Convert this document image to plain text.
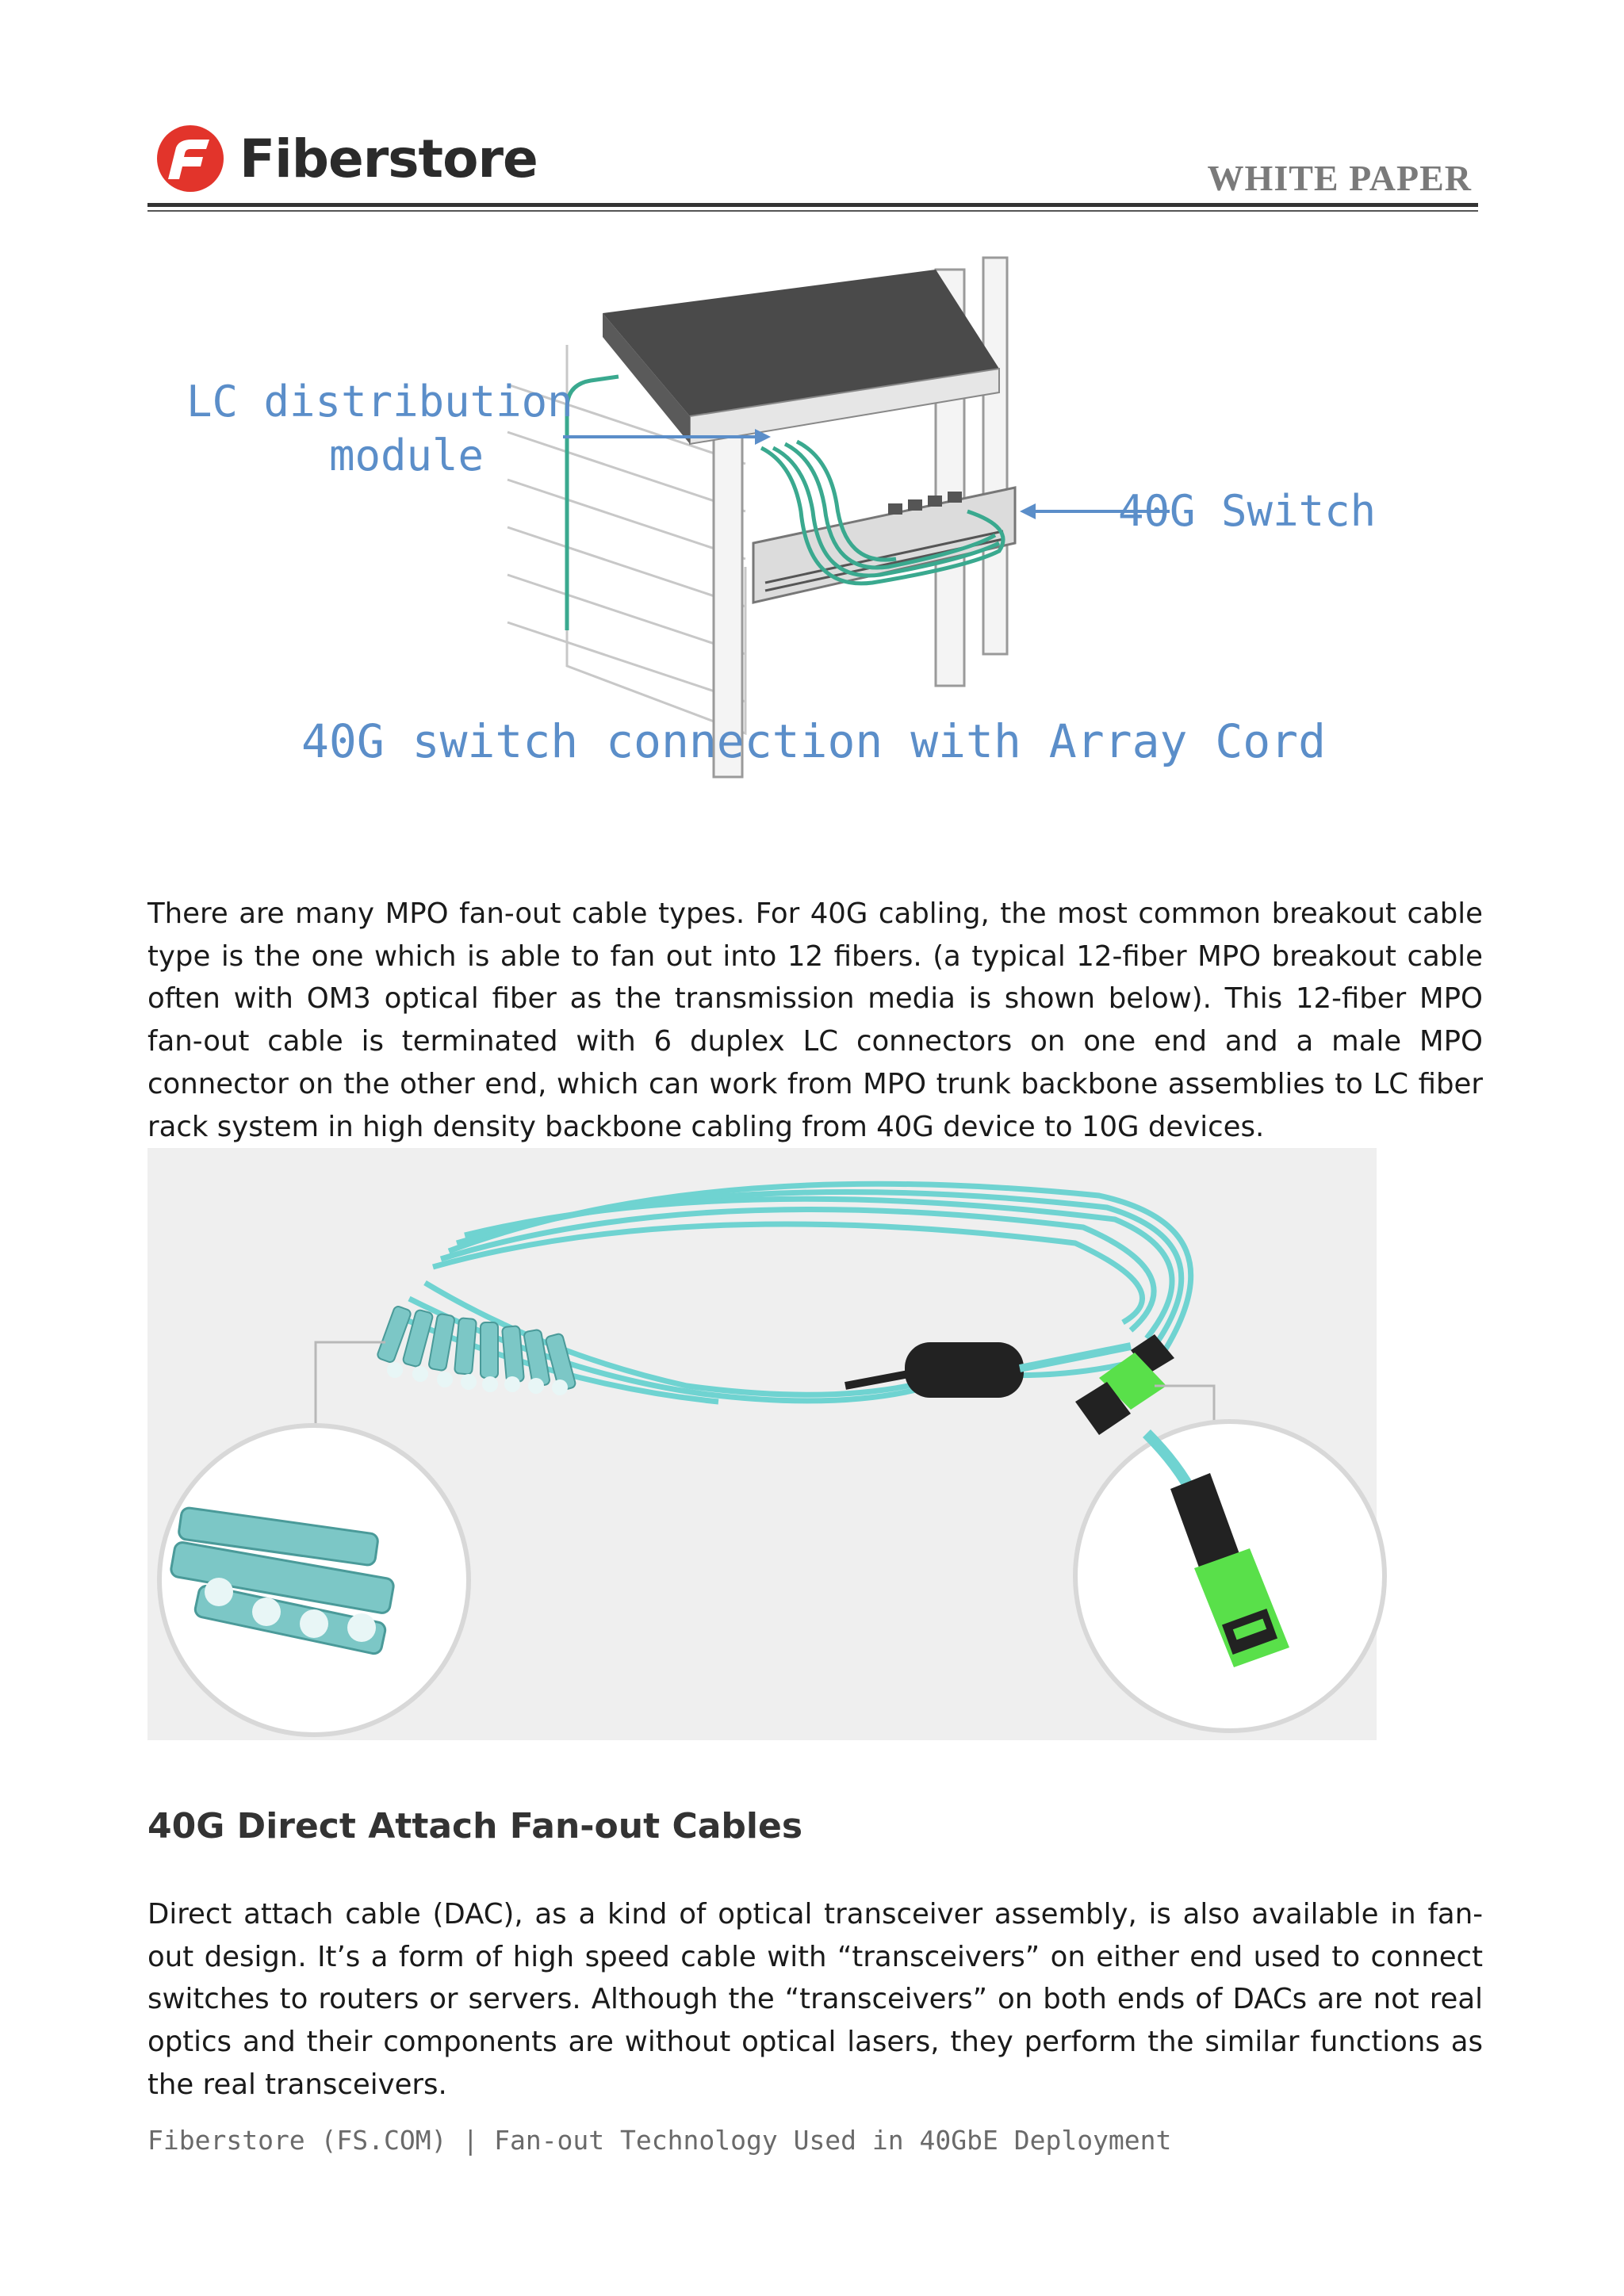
Fiberstore	WHITE PAPER
LC distribution
module
40G Switch
40G switch connection with Array Cord

There are many MPO fan-out cable types. For 40G cabling, the most common breakout cable type is the one which is able to fan out into 12 fibers. (a typical 12-fiber MPO breakout cable often with OM3 optical fiber as the transmission media is shown below). This 12-fiber MPO fan-out cable is terminated with 6 duplex LC connectors on one end and a male MPO connector on the other end, which can work from MPO trunk backbone assemblies to LC fiber rack system in high density backbone cabling from 40G device to 10G devices.

40G Direct Attach Fan-out Cables

Direct attach cable (DAC), as a kind of optical transceiver assembly, is also available in fan-out design. It’s a form of high speed cable with “transceivers” on either end used to connect switches to routers or servers. Although the “transceivers” on both ends of DACs are not real optics and their components are without optical lasers, they perform the similar functions as the real transceivers.

Fiberstore (FS.COM) | Fan-out Technology Used in 40GbE Deployment
